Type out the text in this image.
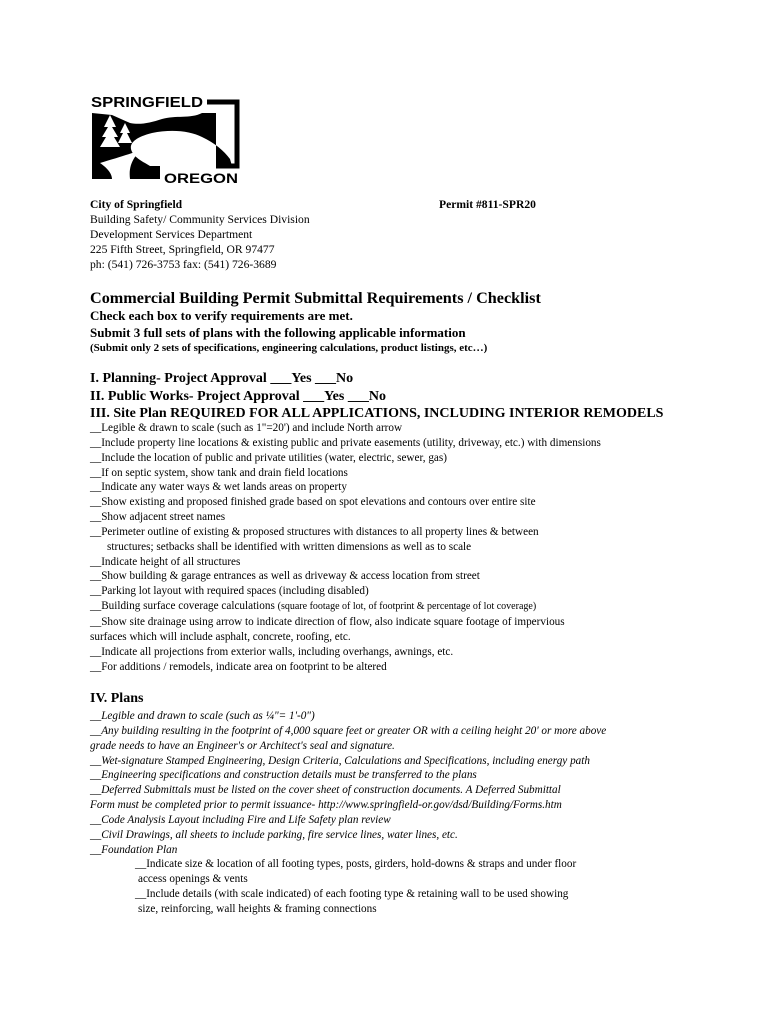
SPRINGFIELD
OREGON
City of Springfield
Building Safety/ Community Services Division
Development Services Department
225 Fifth Street, Springfield, OR 97477
ph: (541) 726-3753 fax: (541) 726-3689
Permit #811-SPR20
Commercial Building Permit Submittal Requirements / Checklist
Check each box to verify requirements are met.
Submit 3 full sets of plans with the following applicable information
(Submit only 2 sets of specifications, engineering calculations, product listings, etc…)
I. Planning- Project Approval ___Yes ___No
II. Public Works- Project Approval ___Yes ___No
III. Site Plan REQUIRED FOR ALL APPLICATIONS, INCLUDING INTERIOR REMODELS
__Legible & drawn to scale (such as 1"=20') and include North arrow
__Include property line locations & existing public and private easements (utility, driveway, etc.) with dimensions
__Include the location of public and private utilities (water, electric, sewer, gas)
__If on septic system, show tank and drain field locations
__Indicate any water ways & wet lands areas on property
__Show existing and proposed finished grade based on spot elevations and contours over entire site
__Show adjacent street names
__Perimeter outline of existing & proposed structures with distances to all property lines & between
structures; setbacks shall be identified with written dimensions as well as to scale
__Indicate height of all structures
__Show building & garage entrances as well as driveway & access location from street
__Parking lot layout with required spaces (including disabled)
__Building surface coverage calculations (square footage of lot, of footprint & percentage of lot coverage)
__Show site drainage using arrow to indicate direction of flow, also indicate square footage of impervious
surfaces which will include asphalt, concrete, roofing, etc.
__Indicate all projections from exterior walls, including overhangs, awnings, etc.
__For additions / remodels, indicate area on footprint to be altered
IV. Plans
__Legible and drawn to scale (such as ¼"= 1'-0")
__Any building resulting in the footprint of 4,000 square feet or greater OR with a ceiling height 20' or more above
grade needs to have an Engineer's or Architect's seal and signature.
__Wet-signature Stamped Engineering, Design Criteria, Calculations and Specifications, including energy path
__Engineering specifications and construction details must be transferred to the plans
__Deferred Submittals must be listed on the cover sheet of construction documents. A Deferred Submittal
Form must be completed prior to permit issuance- http://www.springfield-or.gov/dsd/Building/Forms.htm
__Code Analysis Layout including Fire and Life Safety plan review
__Civil Drawings, all sheets to include parking, fire service lines, water lines, etc.
__Foundation Plan
__Indicate size & location of all footing types, posts, girders, hold-downs & straps and under floor
access openings & vents
__Include details (with scale indicated) of each footing type & retaining wall to be used showing
size, reinforcing, wall heights & framing connections
